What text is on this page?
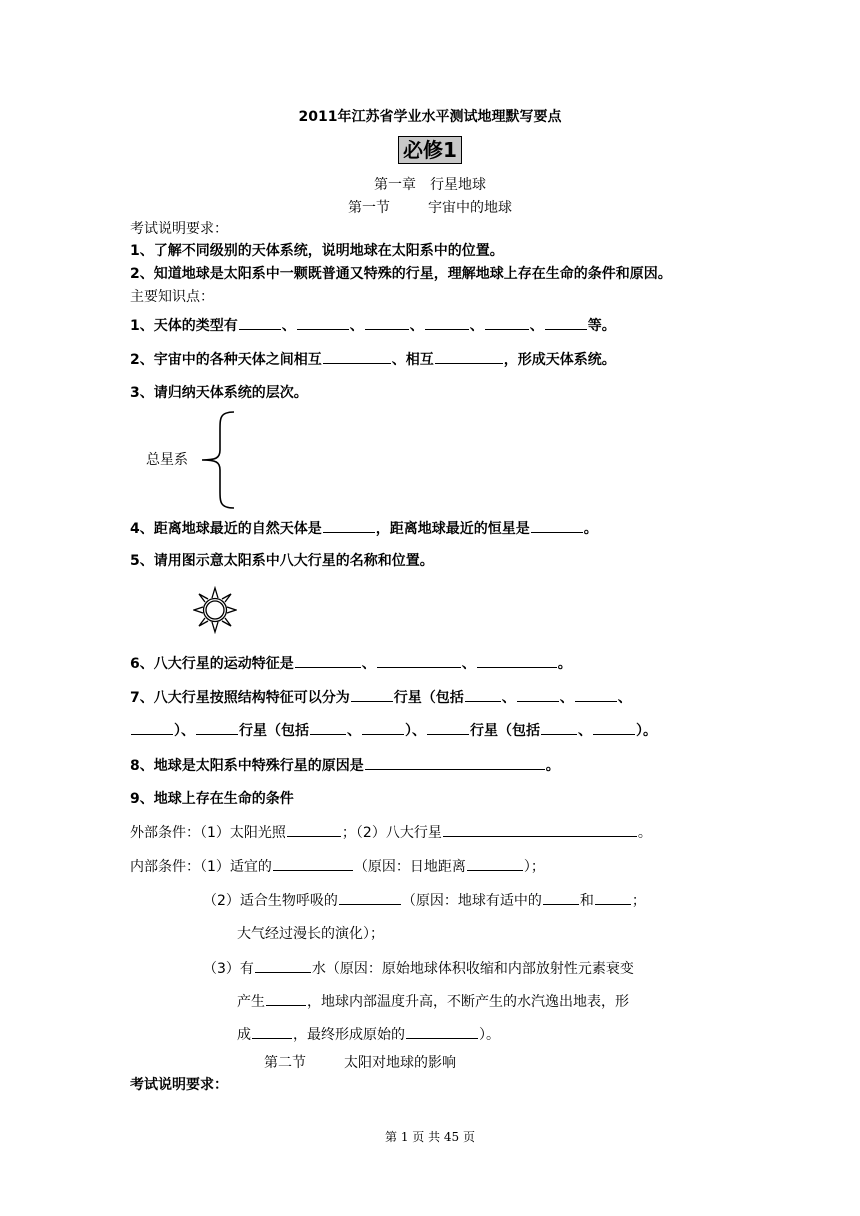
2011年江苏省学业水平测试地理默写要点
必修1
第一章　行星地球
第一节	宇宙中的地球
考试说明要求：
1、了解不同级别的天体系统，说明地球在太阳系中的位置。
2、知道地球是太阳系中一颗既普通又特殊的行星，理解地球上存在生命的条件和原因。
主要知识点：
1、天体的类型有	、	、	、	、	、	等。
2、宇宙中的各种天体之间相互	、相互	，形成天体系统。
3、请归纳天体系统的层次。
总星系
4、距离地球最近的自然天体是	，距离地球最近的恒星是	。
5、请用图示意太阳系中八大行星的名称和位置。
6、八大行星的运动特征是	、	、	。
7、八大行星按照结构特征可以分为	行星（包括	、	、	、
）、	行星（包括	、	）、	行星（包括	、	）。
8、地球是太阳系中特殊行星的原因是	。
9、地球上存在生命的条件
外部条件：（1）太阳光照	；（2）八大行星	。
内部条件：（1）适宜的	（原因：日地距离	）；
（2）适合生物呼吸的	（原因：地球有适中的	和	；
大气经过漫长的演化）；
（3）有	水（原因：原始地球体积收缩和内部放射性元素衰变
产生	，地球内部温度升高，不断产生的水汽逸出地表，形
成	，最终形成原始的	）。
第二节	太阳对地球的影响
考试说明要求：
第 1 页 共 45 页
